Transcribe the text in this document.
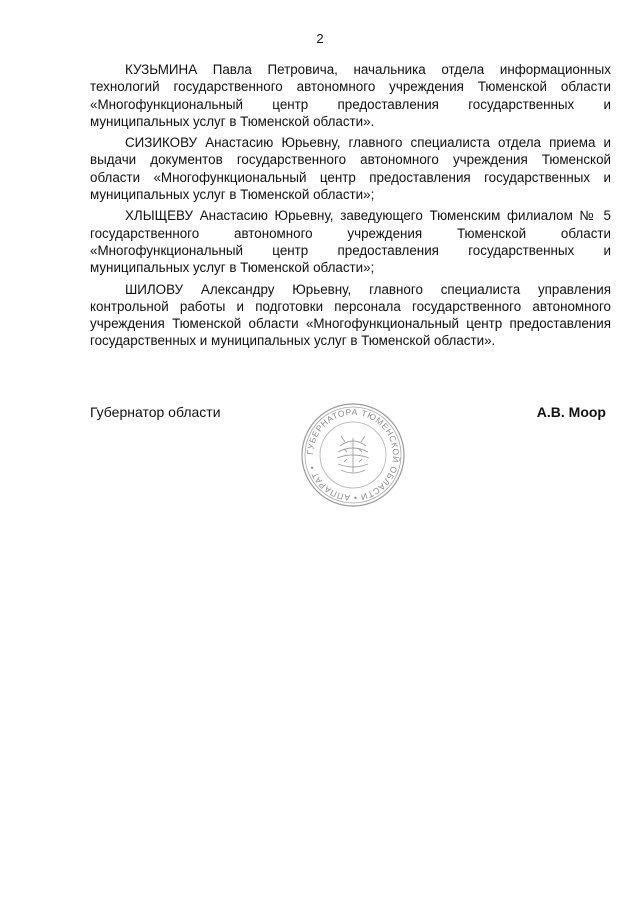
2

КУЗЬМИНА Павла Петровича, начальника отдела информационных технологий государственного автономного учреждения Тюменской области «Многофункциональный центр предоставления государственных и муниципальных услуг в Тюменской области».

СИЗИКОВУ Анастасию Юрьевну, главного специалиста отдела приема и выдачи документов государственного автономного учреждения Тюменской области «Многофункциональный центр предоставления государственных и муниципальных услуг в Тюменской области»;

ХЛЫЩЕВУ Анастасию Юрьевну, заведующего Тюменским филиалом № 5 государственного автономного учреждения Тюменской области «Многофункциональный центр предоставления государственных и муниципальных услуг в Тюменской области»;

ШИЛОВУ Александру Юрьевну, главного специалиста управления контрольной работы и подготовки персонала государственного автономного учреждения Тюменской области «Многофункциональный центр предоставления государственных и муниципальных услуг в Тюменской области».

Губернатор области
ГУБЕРНАТОРА ТЮМЕНСКОЙ ОБЛАСТИ • АППАРАТ •
А.В. Моор
